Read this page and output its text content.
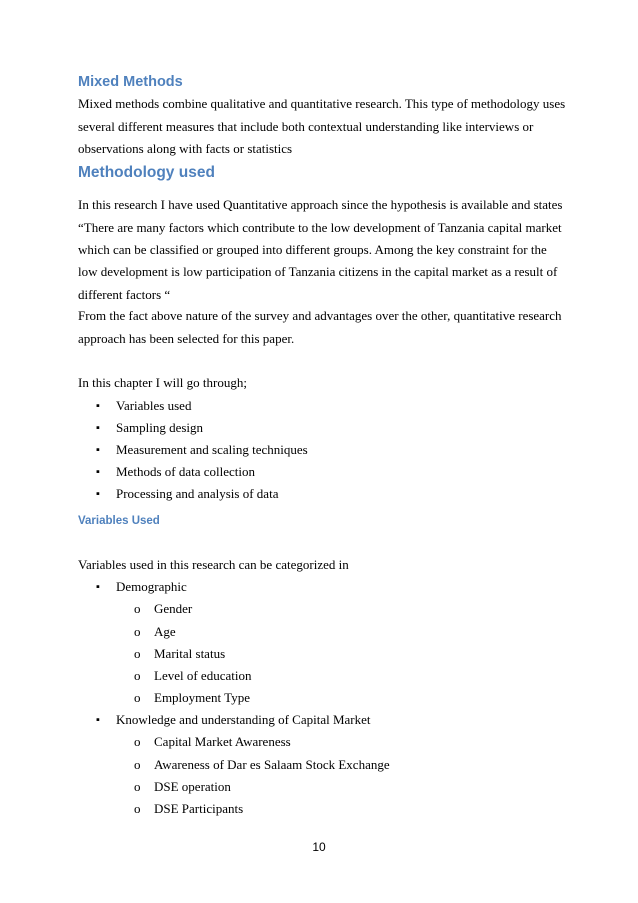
Mixed Methods
Mixed methods combine qualitative and quantitative research. This type of methodology uses
several different measures that include both contextual understanding like interviews or
observations along with facts or statistics
Methodology used
In this research I have used Quantitative approach since the hypothesis is available and states
“There are many factors which contribute to the low development of Tanzania capital market
which can be classified or grouped into different groups. Among the key constraint for the
low development is low participation of Tanzania citizens in the capital market as a result of
different factors “
From the fact above nature of the survey and advantages over the other, quantitative research
approach has been selected for this paper.
In this chapter I will go through;
▪ Variables used
▪ Sampling design
▪ Measurement and scaling techniques
▪ Methods of data collection
▪ Processing and analysis of data
Variables Used
Variables used in this research can be categorized in
▪ Demographic
o Gender
o Age
o Marital status
o Level of education
o Employment Type
▪ Knowledge and understanding of Capital Market
o Capital Market Awareness
o Awareness of Dar es Salaam Stock Exchange
o DSE operation
o DSE Participants
10
